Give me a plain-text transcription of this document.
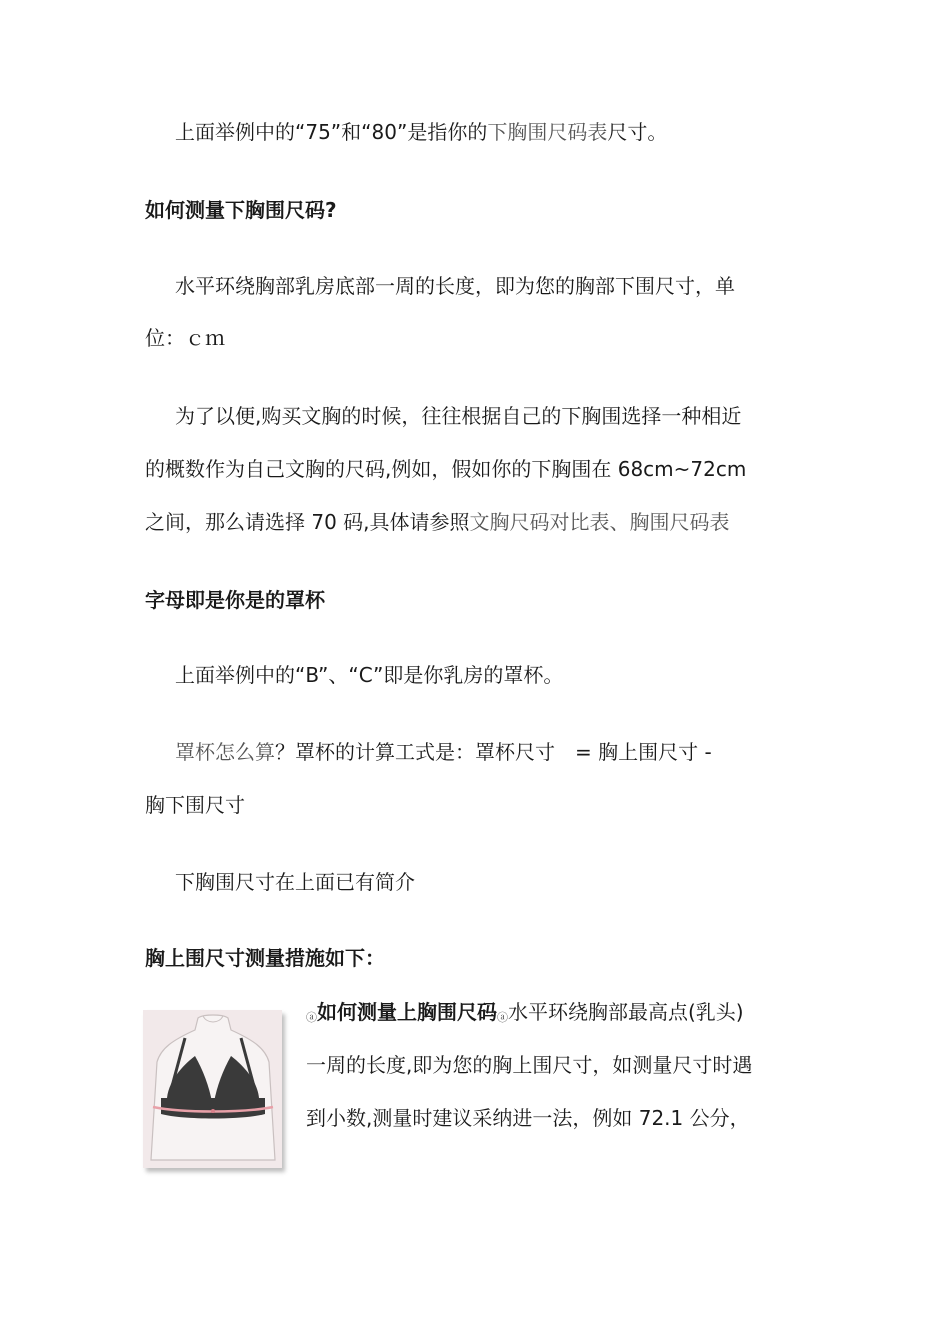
上面举例中的“75”和“80”是指你的下胸围尺码表尺寸。
如何测量下胸围尺码?
水平环绕胸部乳房底部一周的长度，即为您的胸部下围尺寸，单
位：ｃｍ
为了以便,购买文胸的时候，往往根据自己的下胸围选择一种相近
的概数作为自己文胸的尺码,例如，假如你的下胸围在 68cm~72cm
之间，那么请选择 70 码,具体请参照文胸尺码对比表、胸围尺码表
字母即是你是的罩杯
上面举例中的“B”、“C”即是你乳房的罩杯。
罩杯怎么算？罩杯的计算工式是：罩杯尺寸　= 胸上围尺寸 -
胸下围尺寸
下胸围尺寸在上面已有简介
胸上围尺寸测量措施如下：
ⓐ如何测量上胸围尺码ⓐ水平环绕胸部最高点(乳头)
一周的长度,即为您的胸上围尺寸，如测量尺寸时遇
到小数,测量时建议采纳进一法，例如 72.1 公分，
